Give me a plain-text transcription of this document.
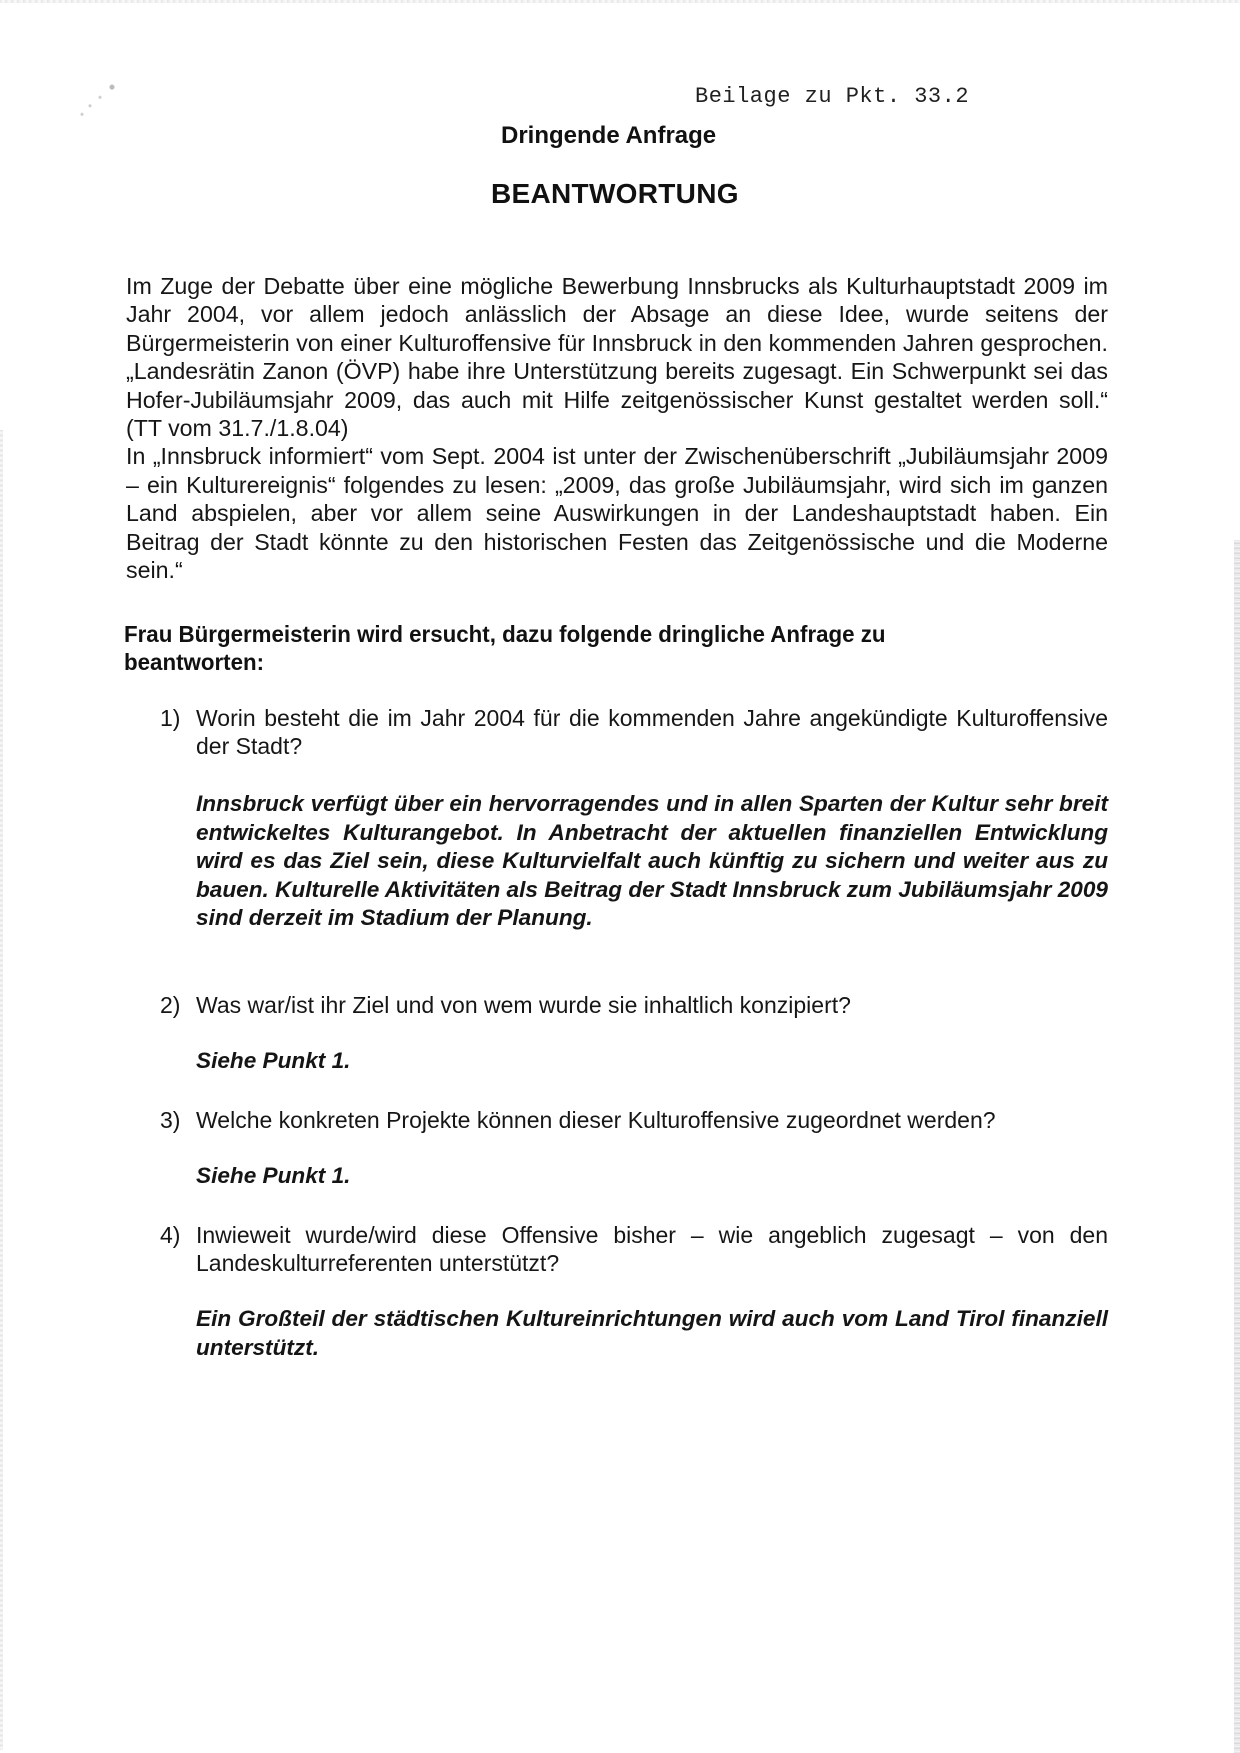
Beilage zu Pkt. 33.2
Dringende Anfrage
BEANTWORTUNG

Im Zuge der Debatte über eine mögliche Bewerbung Innsbrucks als Kulturhauptstadt 2009 im Jahr 2004, vor allem jedoch anlässlich der Absage an diese Idee, wurde seitens der Bürgermeisterin von einer Kulturoffensive für Innsbruck in den kommenden Jahren gesprochen. „Landesrätin Zanon (ÖVP) habe ihre Unterstützung bereits zugesagt. Ein Schwerpunkt sei das Hofer-Jubiläumsjahr 2009, das auch mit Hilfe zeitgenössischer Kunst gestaltet werden soll.“ (TT vom 31.7./1.8.04)

In „Innsbruck informiert“ vom Sept. 2004 ist unter der Zwischenüberschrift „Jubiläumsjahr 2009 – ein Kulturereignis“ folgendes zu lesen: „2009, das große Jubiläumsjahr, wird sich im ganzen Land abspielen, aber vor allem seine Auswirkungen in der Landeshauptstadt haben. Ein Beitrag der Stadt könnte zu den historischen Festen das Zeitgenössische und die Moderne sein.“

Frau Bürgermeisterin wird ersucht, dazu folgende dringliche Anfrage zu beantworten:
1) Worin besteht die im Jahr 2004 für die kommenden Jahre angekündigte Kulturoffensive der Stadt?
Innsbruck verfügt über ein hervorragendes und in allen Sparten der Kultur sehr breit entwickeltes Kulturangebot. In Anbetracht der aktuellen finanziellen Entwicklung wird es das Ziel sein, diese Kulturvielfalt auch künftig zu sichern und weiter aus zu bauen. Kulturelle Aktivitäten als Beitrag der Stadt Innsbruck zum Jubiläumsjahr 2009 sind derzeit im Stadium der Planung.
2) Was war/ist ihr Ziel und von wem wurde sie inhaltlich konzipiert?
Siehe Punkt 1.
3) Welche konkreten Projekte können dieser Kulturoffensive zugeordnet werden?
Siehe Punkt 1.
4) Inwieweit wurde/wird diese Offensive bisher – wie angeblich zugesagt – von den Landeskulturreferenten unterstützt?
Ein Großteil der städtischen Kultureinrichtungen wird auch vom Land Tirol finanziell unterstützt.
